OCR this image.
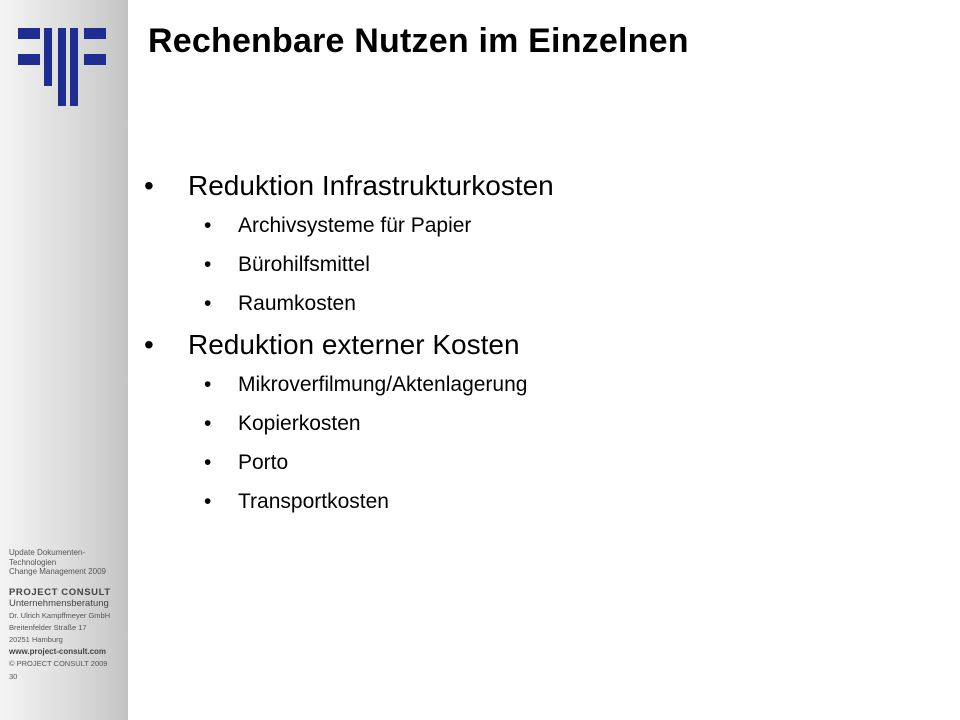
Update Dokumenten-
Technologien
Change Management 2009
PROJECT CONSULT
Unternehmensberatung
Dr. Ulrich Kampffmeyer GmbH
Breitenfelder Straße 17
20251 Hamburg
www.project-consult.com
© PROJECT CONSULT 2009
30
Rechenbare Nutzen im Einzelnen
• Reduktion Infrastrukturkosten
• Archivsysteme für Papier
• Bürohilfsmittel
• Raumkosten
• Reduktion externer Kosten
• Mikroverfilmung/Aktenlagerung
• Kopierkosten
• Porto
• Transportkosten
